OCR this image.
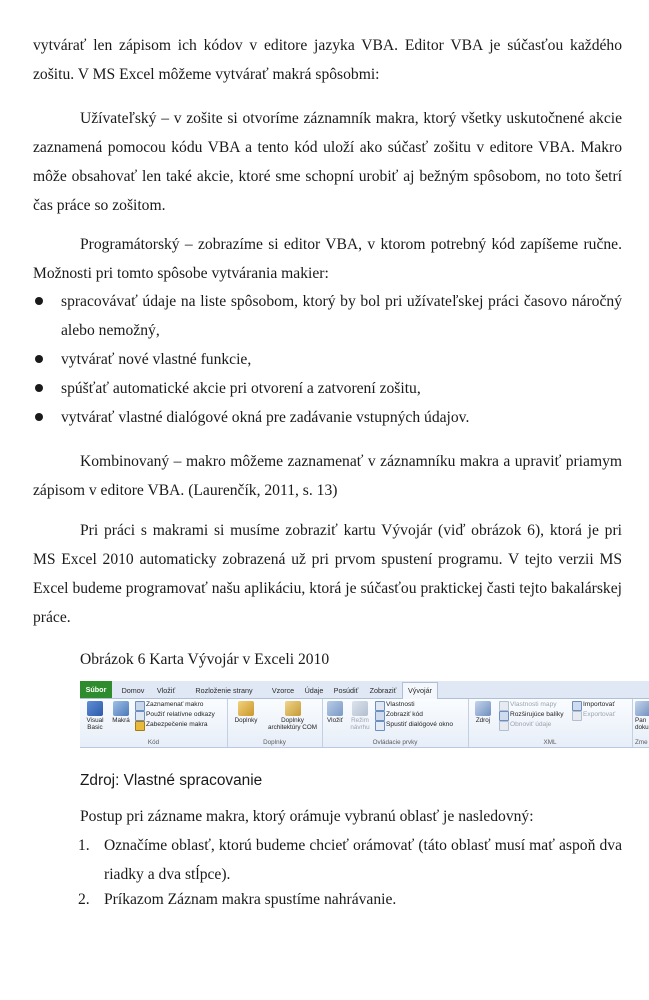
vytvárať len zápisom ich kódov v editore jazyka VBA. Editor VBA je súčasťou každého

zošitu. V MS Excel môžeme vytvárať makrá spôsobmi:

Užívateľský – v zošite si otvoríme záznamník makra, ktorý všetky uskutočnené akcie zaznamená pomocou kódu VBA a tento kód uloží ako súčasť zošitu v editore VBA. Makro môže obsahovať len také akcie, ktoré sme schopní urobiť aj bežným spôsobom, no toto šetrí čas práce so zošitom.

Programátorský – zobrazíme si editor VBA, v ktorom potrebný kód zapíšeme ručne. Možnosti pri tomto spôsobe vytvárania makier:

spracovávať údaje na liste spôsobom, ktorý by bol pri užívateľskej práci časovo náročný alebo nemožný,

vytvárať nové vlastné funkcie,

spúšťať automatické akcie pri otvorení a zatvorení zošitu,

vytvárať vlastné dialógové okná pre zadávanie vstupných údajov.

Kombinovaný – makro môžeme zaznamenať v záznamníku makra a upraviť priamym zápisom v editore VBA. (Laurenčík, 2011, s. 13)

Pri práci s makrami si musíme zobraziť kartu Vývojár (viď obrázok 6), ktorá je pri MS Excel 2010 automaticky zobrazená už pri prvom spustení programu. V tejto verzii MS Excel budeme programovať našu aplikáciu, ktorá je súčasťou praktickej časti tejto bakalárskej práce.

Obrázok 6 Karta Vývojár v Exceli 2010
Súbor	Domov	Vložiť	Rozloženie strany	Vzorce	Údaje	Posúdiť	Zobraziť	Vývojár
Visual Basic
Makrá
Zaznamenať makro
Použiť relatívne odkazy
Zabezpečenie makra
Kód
Doplnky	Doplnky architektúry COM
Doplnky
Vložiť	Režim návrhu
Vlastnosti
Zobraziť kód
Spustiť dialógové okno
Ovládacie prvky
Zdroj
Vlastnosti mapy
Rozširujúce balíky
Obnoviť údaje
Importovať
Exportovať
XML
Pan
doku
Zme
Zdroj: Vlastné spracovanie

Postup pri zázname makra, ktorý orámuje vybranú oblasť je nasledovný:

1. Označíme oblasť, ktorú budeme chcieť orámovať (táto oblasť musí mať aspoň dva riadky a dva stĺpce).

2. Príkazom Záznam makra spustíme nahrávanie.
